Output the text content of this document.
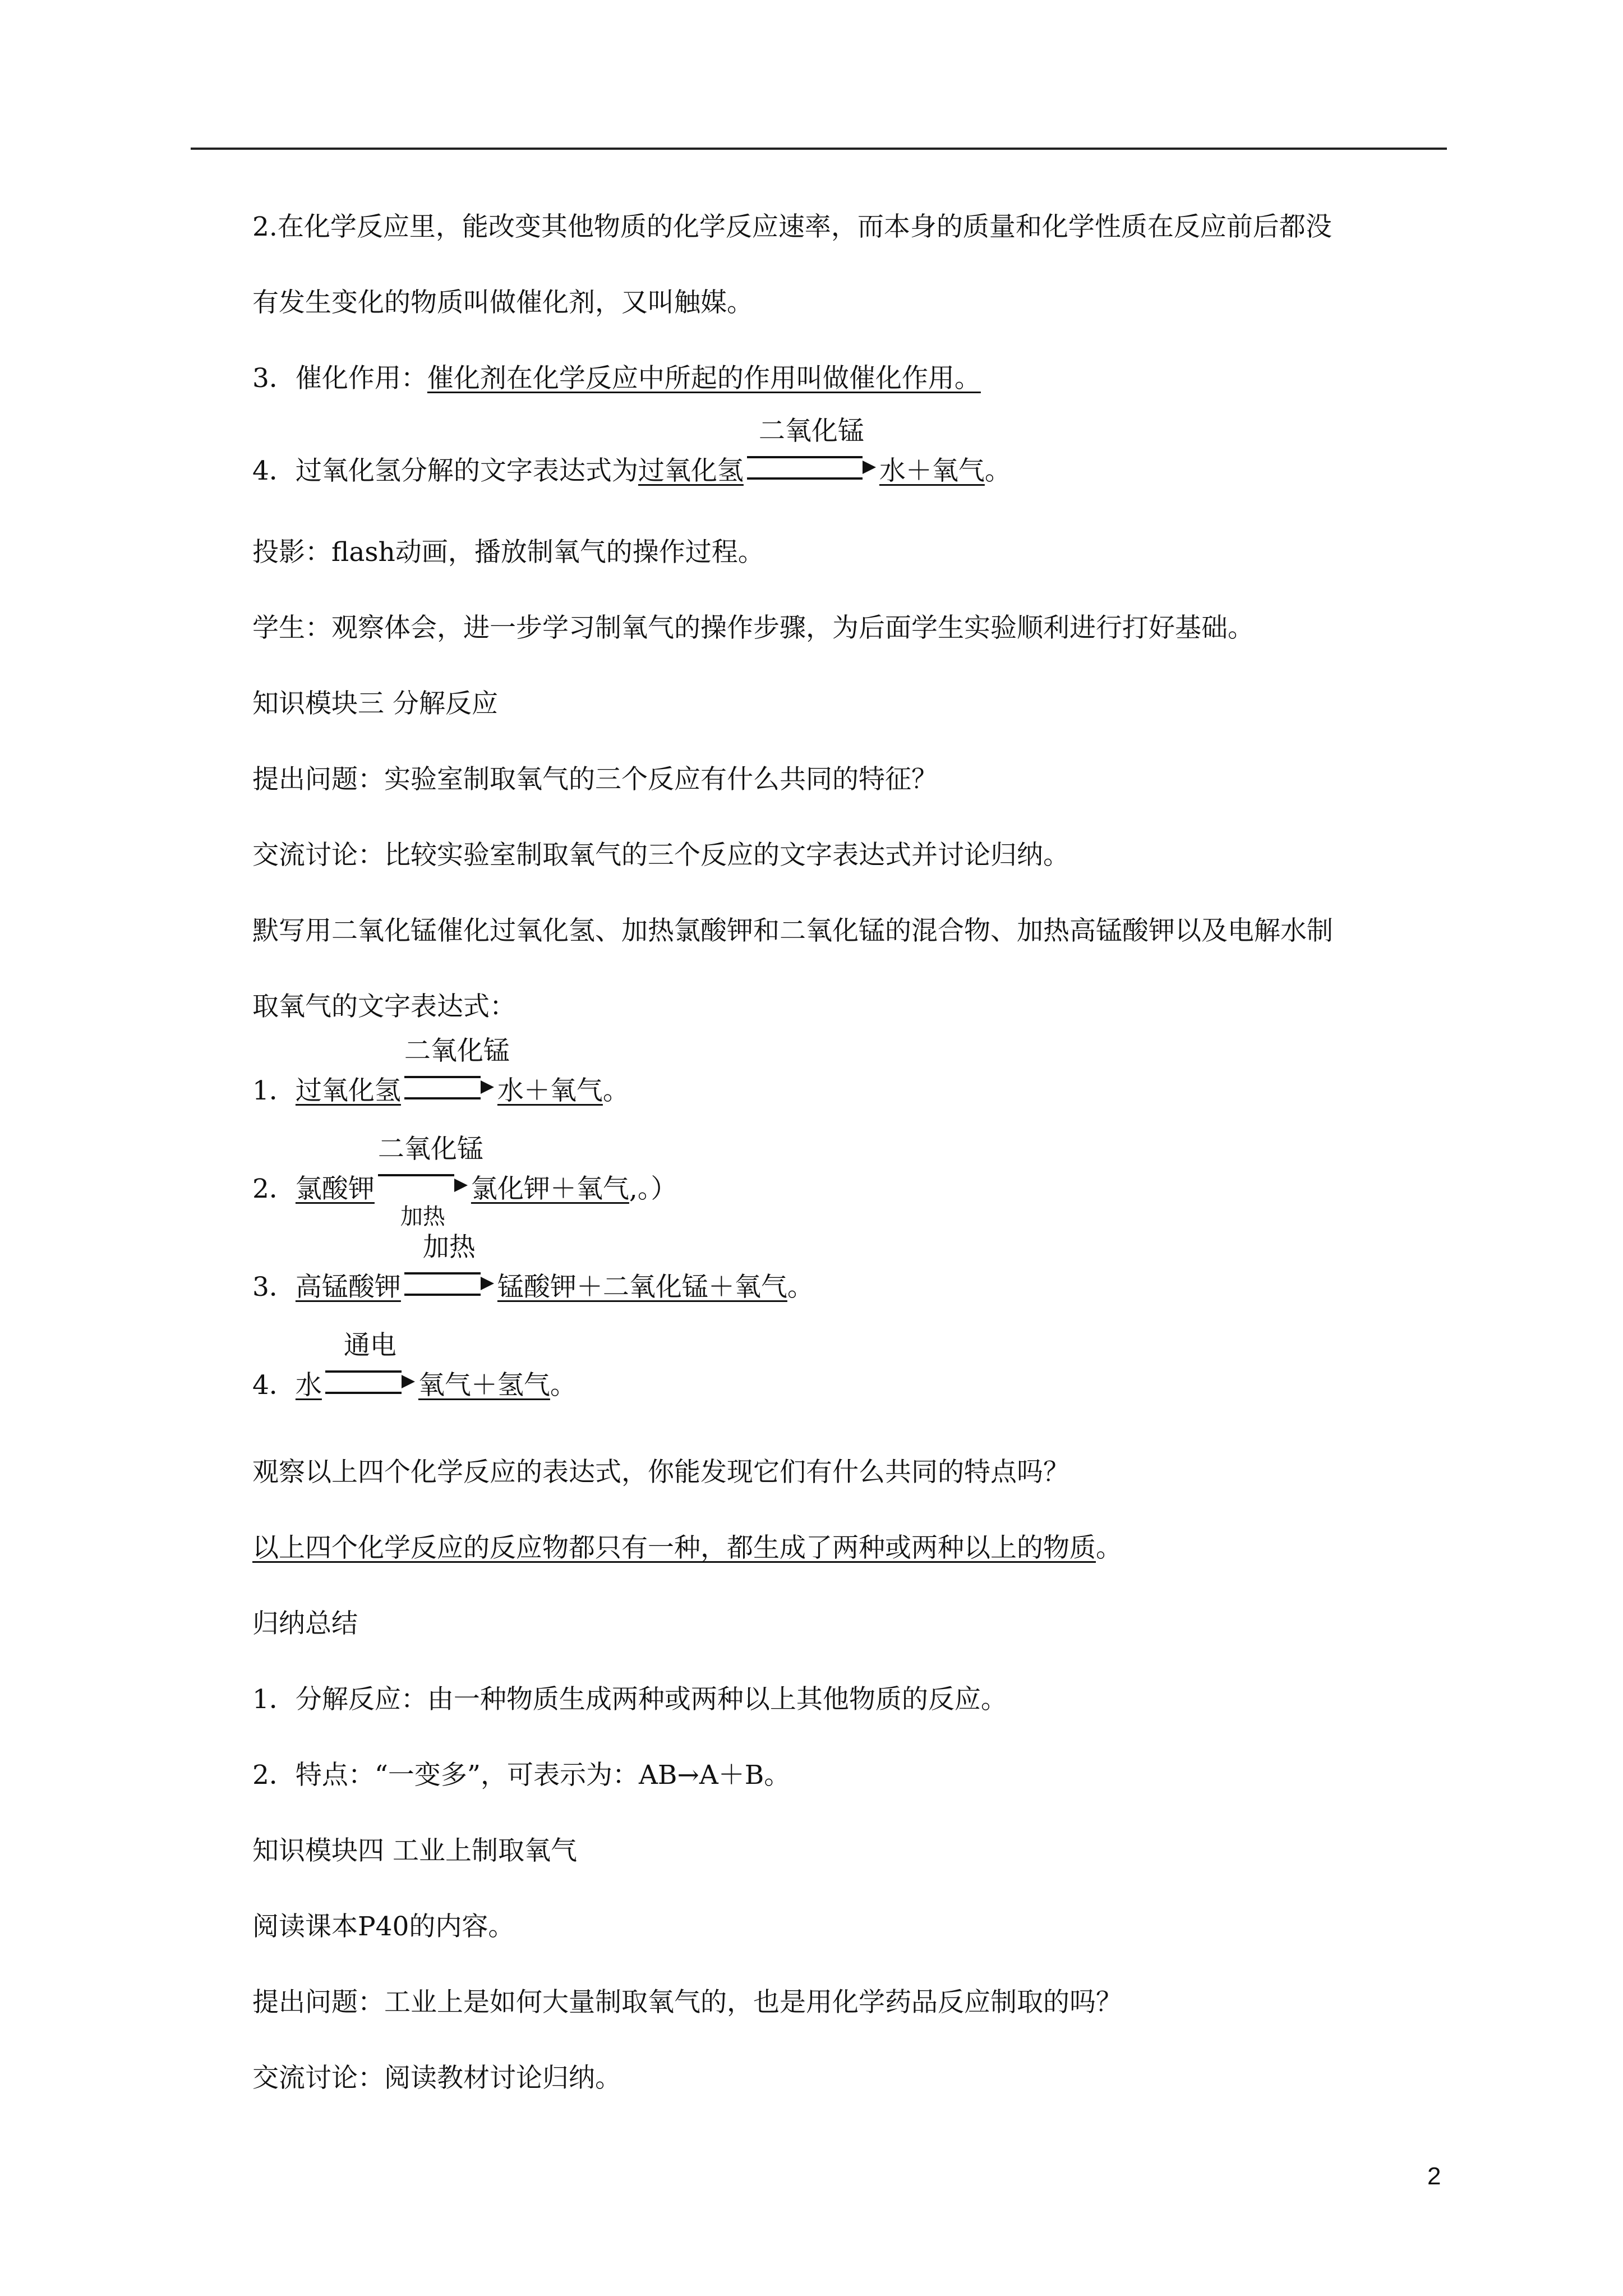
2.在化学反应里，能改变其他物质的化学反应速率，而本身的质量和化学性质在反应前后都没
有发生变化的物质叫做催化剂，又叫触媒。
3．催化作用：催化剂在化学反应中所起的作用叫做催化作用。
4．过氧化氢分解的文字表达式为过氧化氢
二氧化锰
水＋氧气。
投影：flash动画，播放制氧气的操作过程。
学生：观察体会，进一步学习制氧气的操作步骤，为后面学生实验顺利进行打好基础。
知识模块三 分解反应
提出问题：实验室制取氧气的三个反应有什么共同的特征？
交流讨论：比较实验室制取氧气的三个反应的文字表达式并讨论归纳。
默写用二氧化锰催化过氧化氢、加热氯酸钾和二氧化锰的混合物、加热高锰酸钾以及电解水制
取氧气的文字表达式：
1．过氧化氢
二氧化锰
水＋氧气。
2．氯酸钾
二氧化锰
加热
氯化钾＋氧气,。）
3．高锰酸钾
加热
锰酸钾＋二氧化锰＋氧气。
4．水
通电
氧气＋氢气。
观察以上四个化学反应的表达式，你能发现它们有什么共同的特点吗？
以上四个化学反应的反应物都只有一种，都生成了两种或两种以上的物质。
归纳总结
1．分解反应：由一种物质生成两种或两种以上其他物质的反应。
2．特点：“一变多”，可表示为：AB→A＋B。
知识模块四 工业上制取氧气
阅读课本P40的内容。
提出问题：工业上是如何大量制取氧气的，也是用化学药品反应制取的吗？
交流讨论：阅读教材讨论归纳。
2
